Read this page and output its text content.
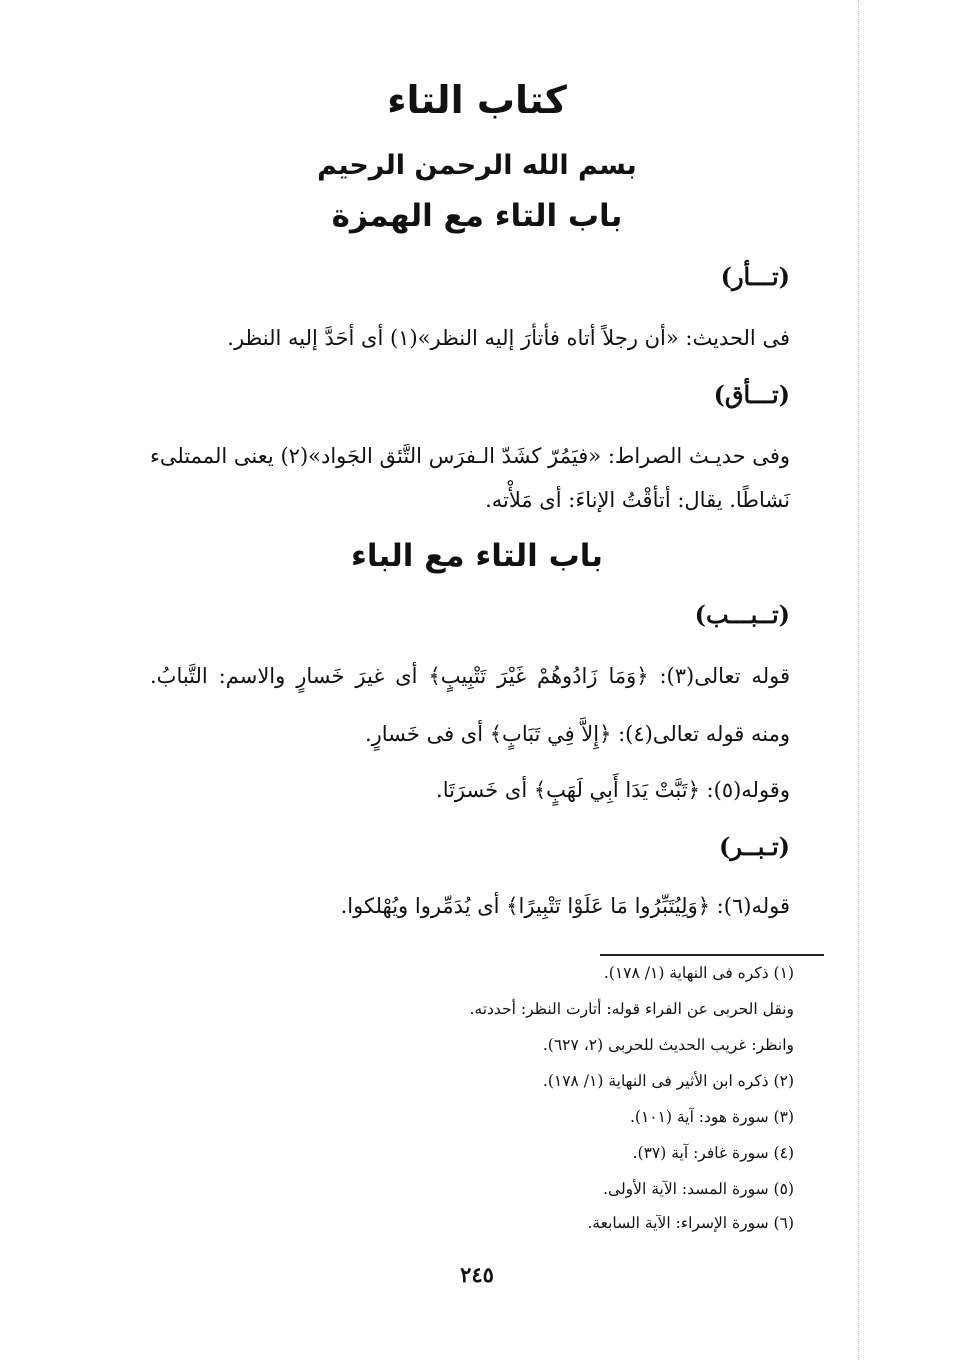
كتاب التاء
بسم الله الرحمن الرحيم
باب التاء مع الهمزة
(تـــأر)
فى الحديث: «أن رجلاً أتاه فأتأرَ إليه النظر»(١) أى أحَدَّ إليه النظر.
(تـــأق)
وفى حديـث الصراط: «فيَمُرّ كشَدّ الـفرَس التَّئق الجَواد»(٢) يعنى الممتلىء
نَشاطًا. يقال: أتأقْتُ الإناءَ: أى مَلأْته.
باب التاء مع الباء
(تــبـــب)
قوله تعالى(٣): ﴿وَمَا زَادُوهُمْ غَيْرَ تَتْبِيبٍ﴾ أى غيرَ خَسارٍ والاسم: التَّبابُ.
ومنه قوله تعالى(٤): ﴿إِلاَّ فِي تَبَابٍ﴾ أى فى خَسارٍ.
وقوله(٥): ﴿تَبَّتْ يَدَا أَبِي لَهَبٍ﴾ أى خَسرَتَا.
(تـبــر)
قوله(٦): ﴿وَلِيُتَبِّرُوا مَا عَلَوْا تَتْبِيرًا﴾ أى يُدَمِّروا ويُهْلكوا.
(١) ذكره فى النهاية (١/ ١٧٨).
ونقل الحربى عن الفراء قوله: أتارت النظر: أحددته.
وانظر: غريب الحديث للحربى (٢، ٦٢٧).
(٢) ذكره ابن الأثير فى النهاية (١/ ١٧٨).
(٣) سورة هود: آية (١٠١).
(٤) سورة غافر: آية (٣٧).
(٥) سورة المسد: الآية الأولى.
(٦) سورة الإسراء: الآية السابعة.
٢٤٥
